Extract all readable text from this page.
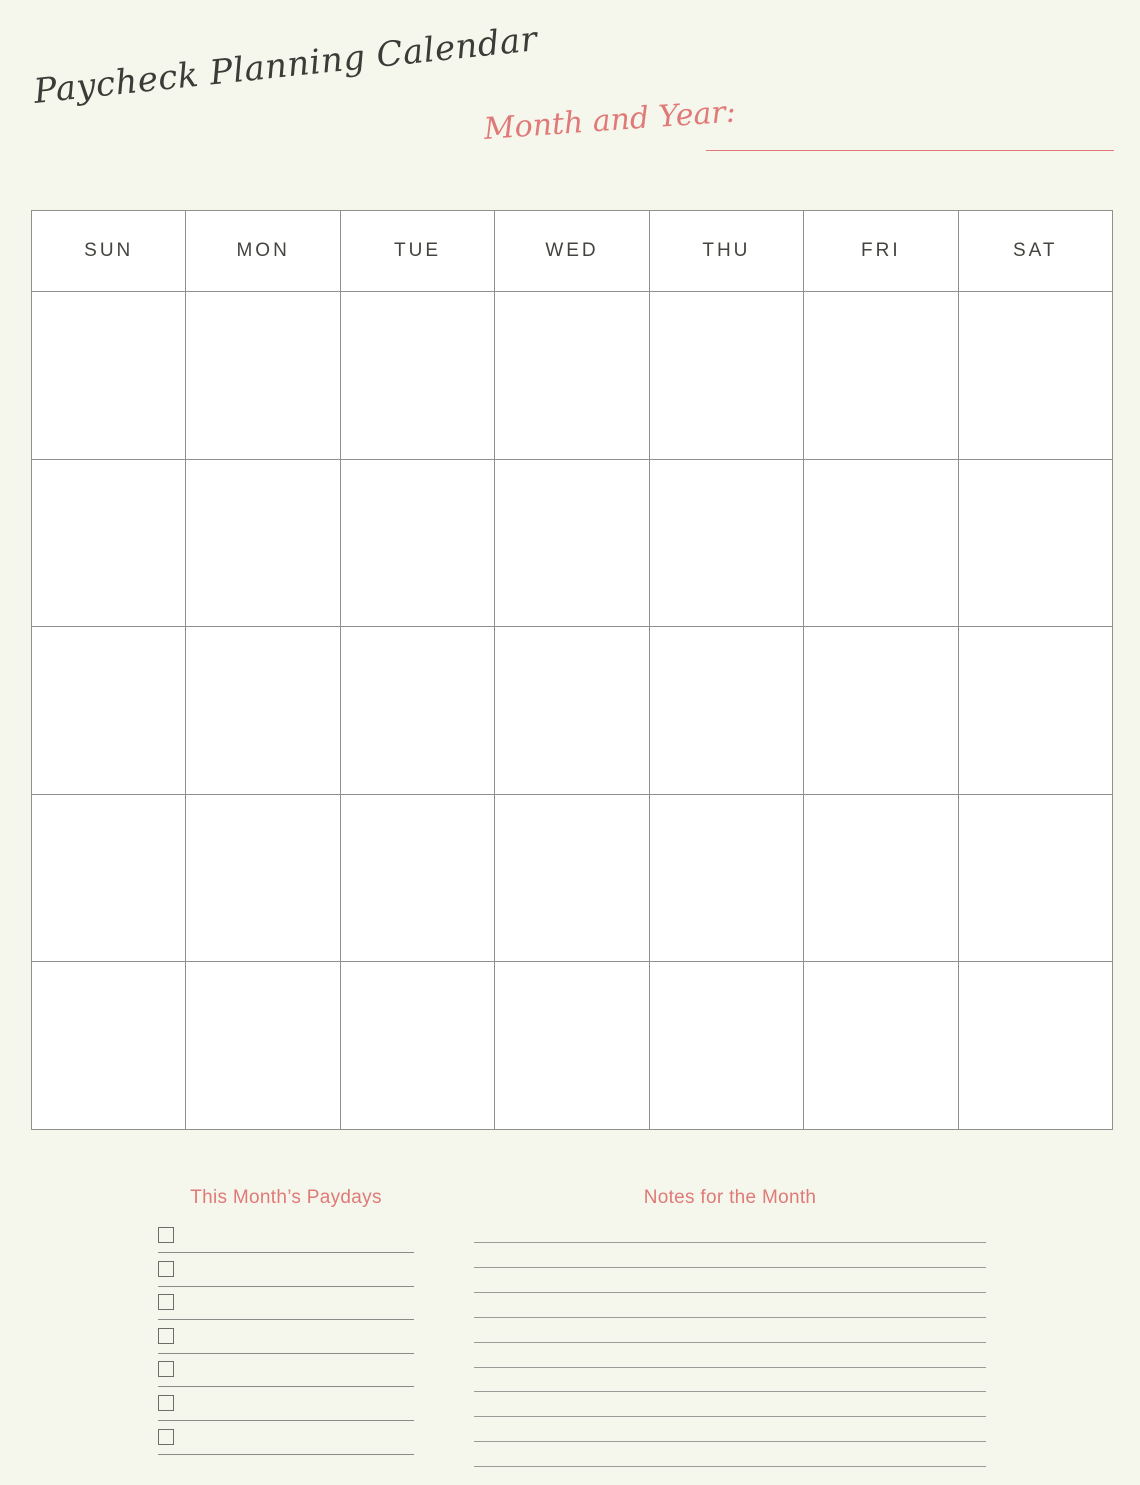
Paycheck Planning Calendar
Month and Year:
SUN	MON	TUE	WED	THU	FRI	SAT

This Month’s Paydays	Notes for the Month
